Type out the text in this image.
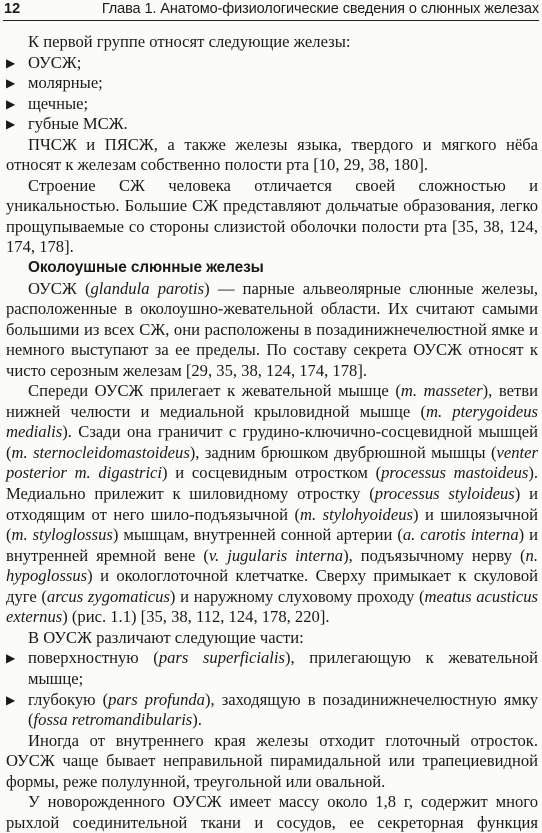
12	Глава 1. Анатомо-физиологические сведения о слюнных железах

К первой группе относят следующие железы:

▶ ОУСЖ;
▶ молярные;
▶ щечные;
▶ губные МСЖ.

ПЧСЖ и ПЯСЖ, а также железы языка, твердого и мягкого нёба относят к железам собственно полости рта [10, 29, 38, 180].

Строение СЖ человека отличается своей сложностью и уникальностью. Большие СЖ представляют дольчатые образования, легко прощупываемые со стороны слизистой оболочки полости рта [35, 38, 124, 174, 178].

Околоушные слюнные железы

ОУСЖ (glandula parotis) — парные альвеолярные слюнные железы, расположенные в околоушно-жевательной области. Их считают самыми большими из всех СЖ, они расположены в позадинижнечелюстной ямке и немного выступают за ее пределы. По составу секрета ОУСЖ относят к чисто серозным железам [29, 35, 38, 124, 174, 178].

Спереди ОУСЖ прилегает к жевательной мышце (m. masseter), ветви нижней челюсти и медиальной крыловидной мышце (m. pterygoideus medialis). Сзади она граничит с грудино-ключично-сосцевидной мышцей (m. sternocleidomastoideus), задним брюшком двубрюшной мышцы (venter posterior m. digastrici) и сосцевидным отростком (processus mastoideus). Медиально прилежит к шиловидному отростку (processus styloideus) и отходящим от него шило-подъязычной (m. stylohyoideus) и шилоязычной (m. styloglossus) мышцам, внутренней сонной артерии (a. carotis interna) и внутренней яремной вене (v. jugularis interna), подъязычному нерву (n. hypoglossus) и окологлоточной клетчатке. Сверху примыкает к скуловой дуге (arcus zygomaticus) и наружному слуховому проходу (meatus acusticus externus) (рис. 1.1) [35, 38, 112, 124, 178, 220].

В ОУСЖ различают следующие части:

▶ поверхностную (pars superficialis), прилегающую к жевательной мышце;
▶ глубокую (pars profunda), заходящую в позадинижнечелюстную ямку (fossa retromandibularis).

Иногда от внутреннего края железы отходит глоточный отросток. ОУСЖ чаще бывает неправильной пирамидальной или трапециевидной формы, реже полулунной, треугольной или овальной.

У новорожденного ОУСЖ имеет массу около 1,8 г, содержит много рыхлой соединительной ткани и сосудов, ее секреторная функция
